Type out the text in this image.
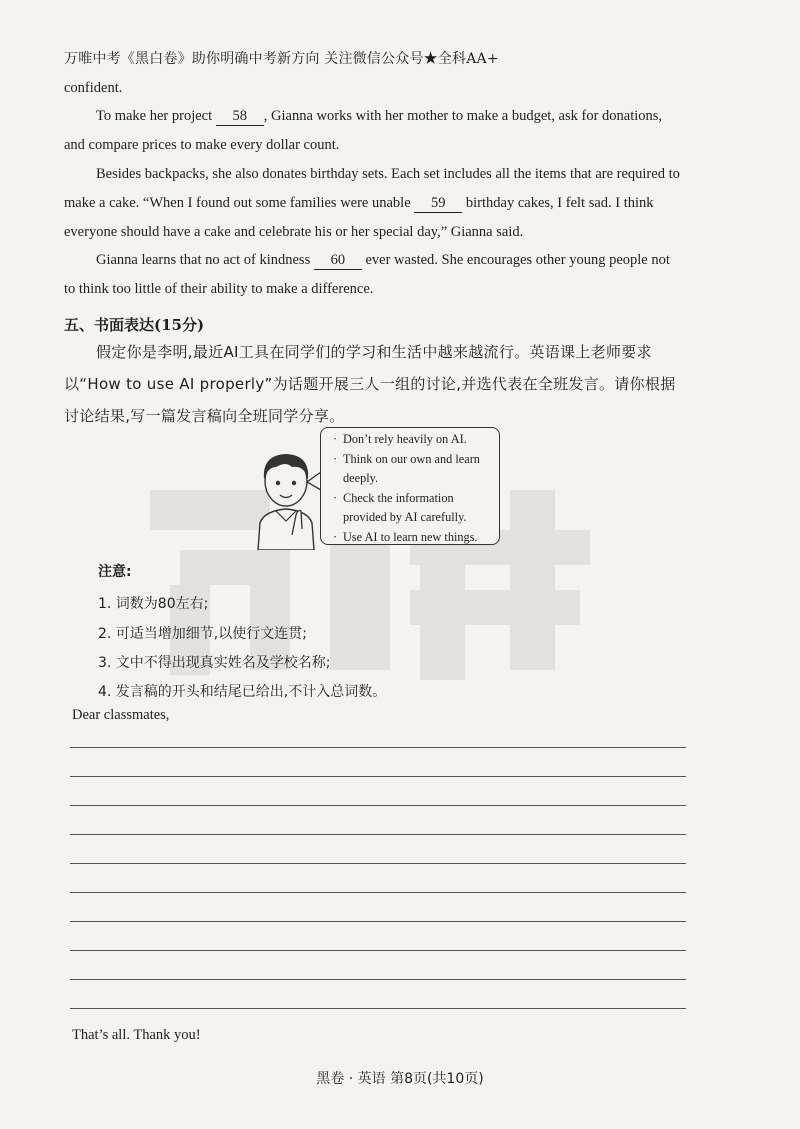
万唯中考《黑白卷》助你明确中考新方向 关注微信公众号★全科AA+
confident.
To make her project 58 , Gianna works with her mother to make a budget, ask for donations, and compare prices to make every dollar count.
Besides backpacks, she also donates birthday sets. Each set includes all the items that are required to make a cake. “When I found out some families were unable 59 birthday cakes, I felt sad. I think everyone should have a cake and celebrate his or her special day,” Gianna said.
Gianna learns that no act of kindness 60 ever wasted. She encourages other young people not to think too little of their ability to make a difference.
五、书面表达(15分)
假定你是李明,最近AI工具在同学们的学习和生活中越来越流行。英语课上老师要求以“How to use AI properly”为话题开展三人一组的讨论,并选代表在全班发言。请你根据讨论结果,写一篇发言稿向全班同学分享。
· Don’t rely heavily on AI.
· Think on our own and learn deeply.
· Check the information provided by AI carefully.
· Use AI to learn new things.
注意:
1. 词数为80左右;
2. 可适当增加细节,以使行文连贯;
3. 文中不得出现真实姓名及学校名称;
4. 发言稿的开头和结尾已给出,不计入总词数。
Dear classmates,
That’s all. Thank you!
黑卷 · 英语 第8页(共10页)
